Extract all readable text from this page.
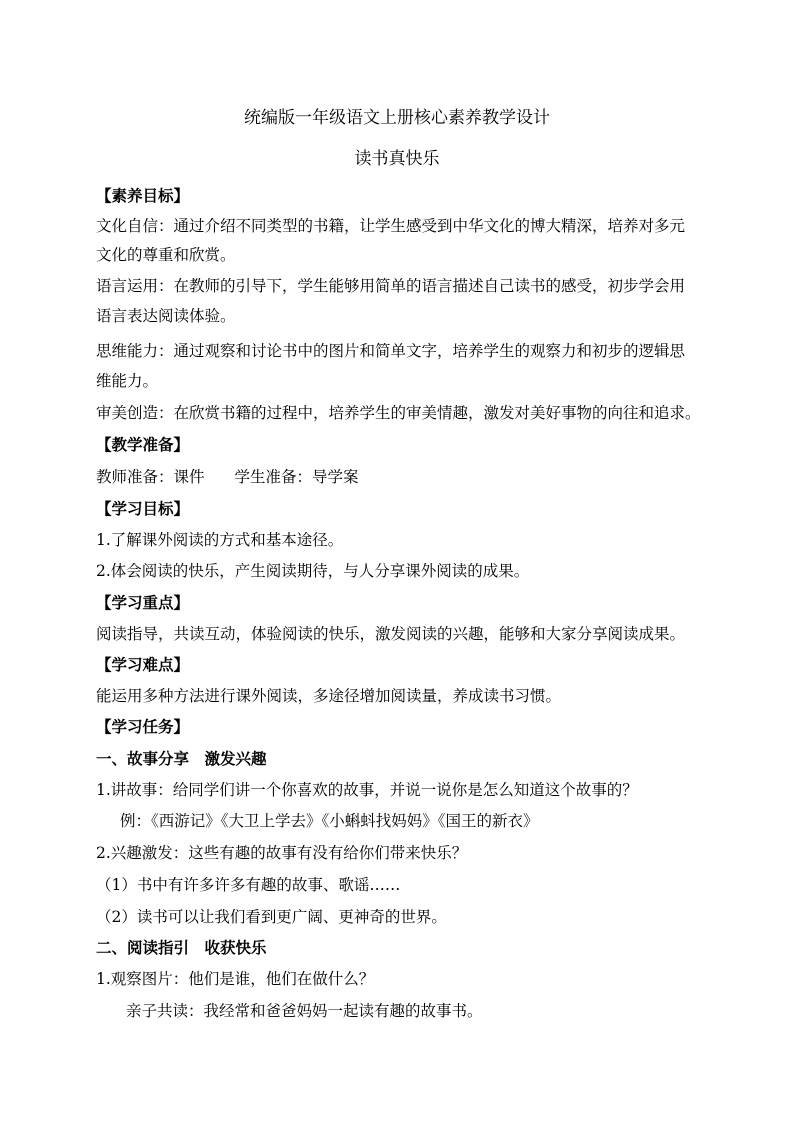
统编版一年级语文上册核心素养教学设计
读书真快乐
【素养目标】
文化自信：通过介绍不同类型的书籍，让学生感受到中华文化的博大精深，培养对多元
文化的尊重和欣赏。
语言运用：在教师的引导下，学生能够用简单的语言描述自己读书的感受，初步学会用
语言表达阅读体验。
思维能力：通过观察和讨论书中的图片和简单文字，培养学生的观察力和初步的逻辑思
维能力。
审美创造：在欣赏书籍的过程中，培养学生的审美情趣，激发对美好事物的向往和追求。
【教学准备】
教师准备：课件 学生准备：导学案
【学习目标】
1.了解课外阅读的方式和基本途径。
2.体会阅读的快乐，产生阅读期待，与人分享课外阅读的成果。
【学习重点】
阅读指导，共读互动，体验阅读的快乐，激发阅读的兴趣，能够和大家分享阅读成果。
【学习难点】
能运用多种方法进行课外阅读，多途径增加阅读量，养成读书习惯。
【学习任务】
一、故事分享　激发兴趣
1.讲故事：给同学们讲一个你喜欢的故事，并说一说你是怎么知道这个故事的？
例：《西游记》《大卫上学去》《小蝌蚪找妈妈》《国王的新衣》
2.兴趣激发：这些有趣的故事有没有给你们带来快乐？
（1）书中有许多许多有趣的故事、歌谣……
（2）读书可以让我们看到更广阔、更神奇的世界。
二、阅读指引　收获快乐
1.观察图片：他们是谁，他们在做什么？
亲子共读：我经常和爸爸妈妈一起读有趣的故事书。
